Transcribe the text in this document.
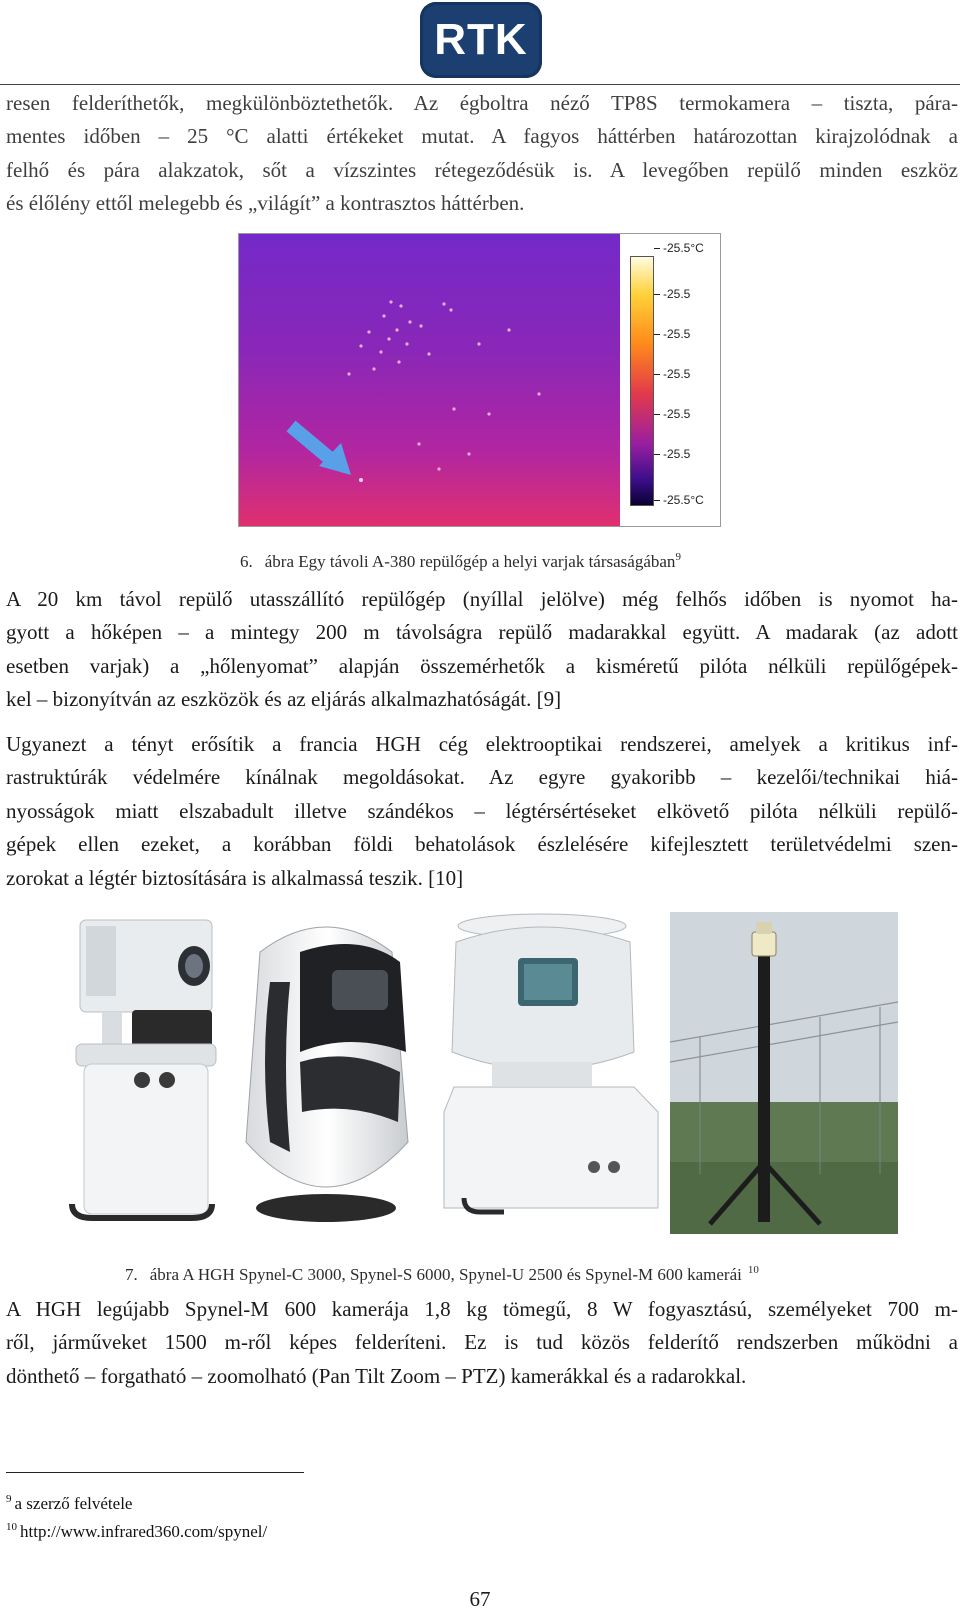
RTK

resen felderíthetők, megkülönböztethetők. Az égboltra néző TP8S termokamera – tiszta, pára-
mentes időben – 25 °C alatti értékeket mutat. A fagyos háttérben határozottan kirajzolódnak a
felhő és pára alakzatok, sőt a vízszintes rétegeződésük is. A levegőben repülő minden eszköz
és élőlény ettől melegebb és „világít” a kontrasztos háttérben.

-25.5°C
-25.5
-25.5
-25.5
-25.5
-25.5
-25.5°C
6. ábra Egy távoli A-380 repülőgép a helyi varjak társaságában$^9$

A 20 km távol repülő utasszállító repülőgép (nyíllal jelölve) még felhős időben is nyomot ha-
gyott a hőképen – a mintegy 200 m távolságra repülő madarakkal együtt. A madarak (az adott
esetben varjak) a „hőlenyomat” alapján összemérhetők a kisméretű pilóta nélküli repülőgépek-
kel – bizonyítván az eszközök és az eljárás alkalmazhatóságát. [9]

Ugyanezt a tényt erősítik a francia HGH cég elektrooptikai rendszerei, amelyek a kritikus inf-
rastruktúrák védelmére kínálnak megoldásokat. Az egyre gyakoribb – kezelői/technikai hiá-
nyosságok miatt elszabadult illetve szándékos – légtérsértéseket elkövető pilóta nélküli repülő-
gépek ellen ezeket, a korábban földi behatolások észlelésére kifejlesztett területvédelmi szen-
zorokat a légtér biztosítására is alkalmassá teszik. [10]

7. ábra A HGH Spynel-C 3000, Spynel-S 6000, Spynel-U 2500 és Spynel-M 600 kamerái $^{10}$

A HGH legújabb Spynel-M 600 kamerája 1,8 kg tömegű, 8 W fogyasztású, személyeket 700 m-
ről, járműveket 1500 m-ről képes felderíteni. Ez is tud közös felderítő rendszerben működni a
dönthető – forgatható – zoomolható (Pan Tilt Zoom – PTZ) kamerákkal és a radarokkal.

$^9$ a szerző felvétele
$^{10}$ http://www.infrared360.com/spynel/
67
